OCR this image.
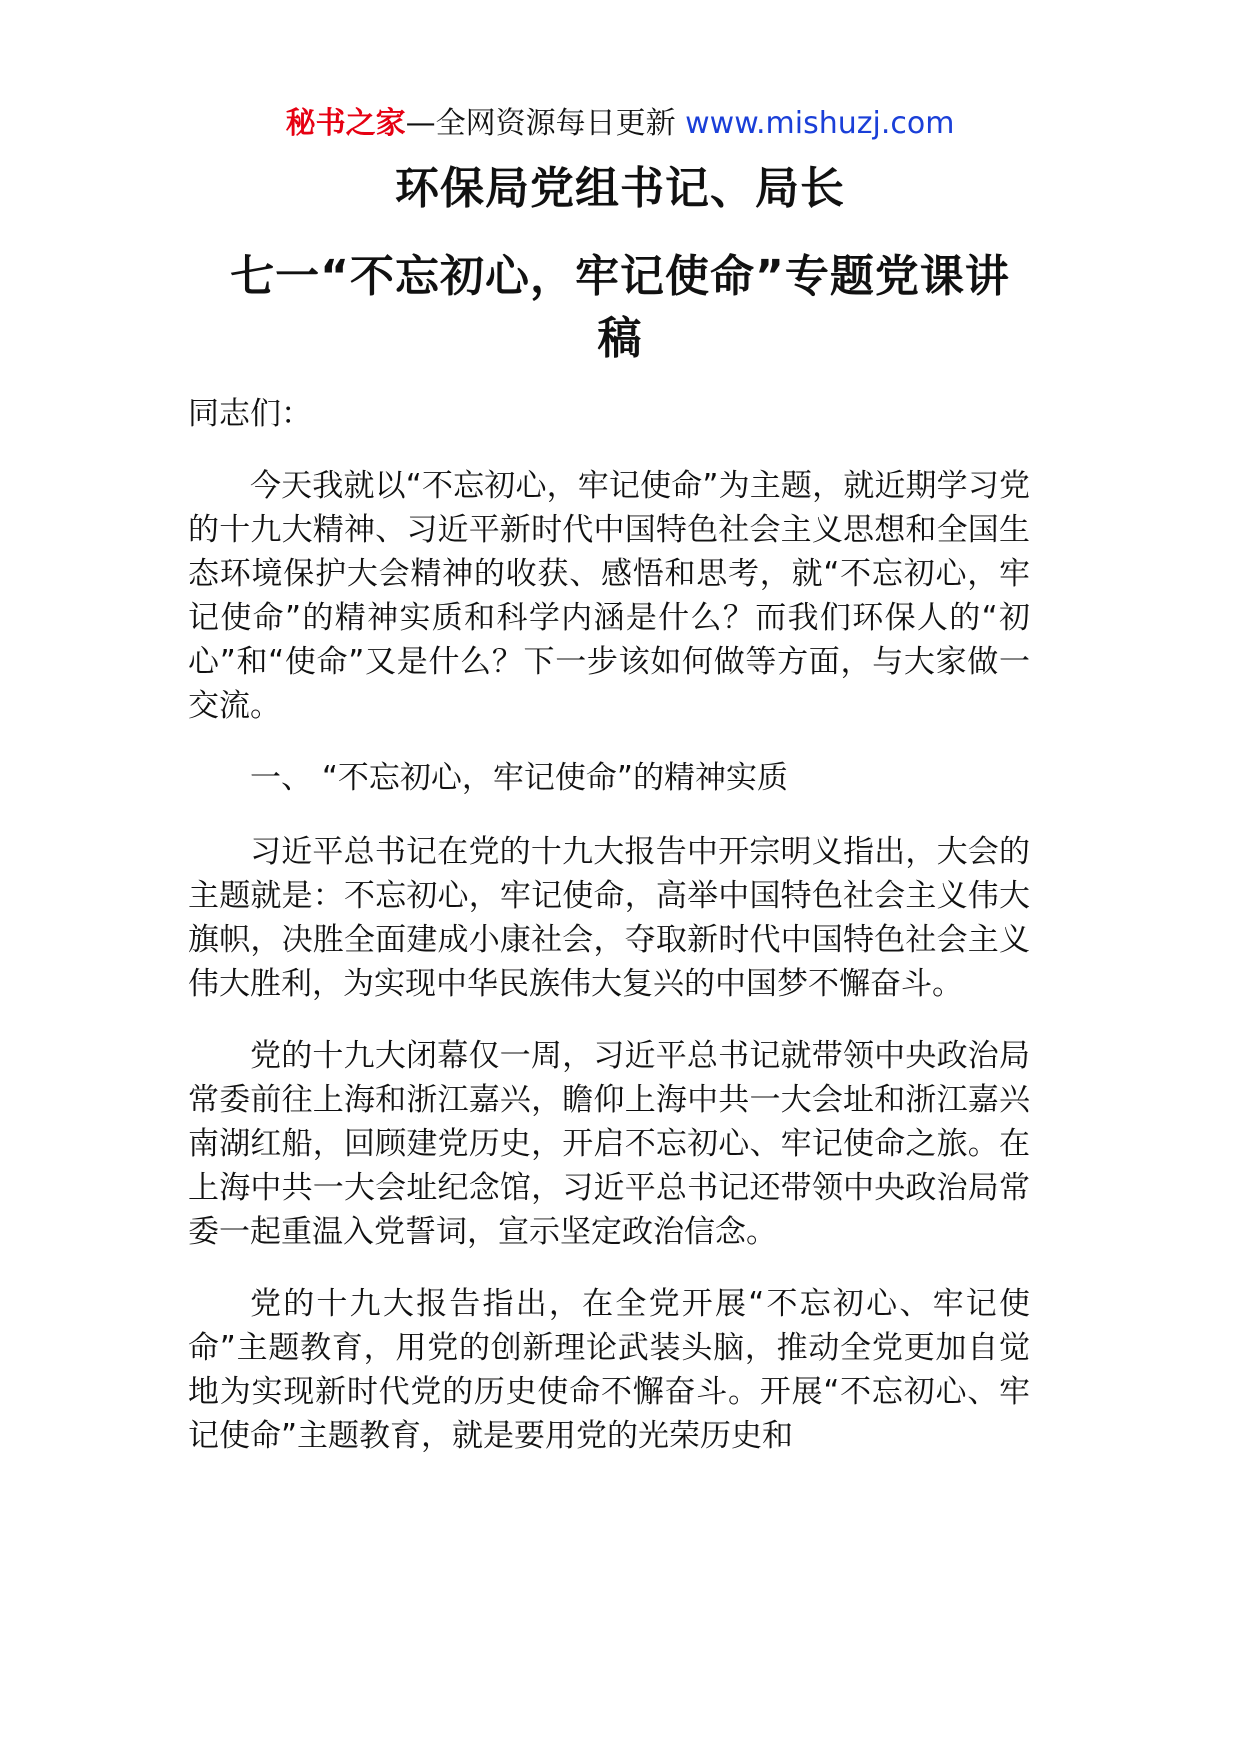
秘书之家—全网资源每日更新 www.mishuzj.com
环保局党组书记、局长
七一“不忘初心，牢记使命”专题党课讲
稿

同志们：

今天我就以“不忘初心，牢记使命”为主题，就近期学习党的十九大精神、习近平新时代中国特色社会主义思想和全国生态环境保护大会精神的收获、感悟和思考，就“不忘初心，牢记使命”的精神实质和科学内涵是什么？而我们环保人的“初心”和“使命”又是什么？下一步该如何做等方面，与大家做一交流。

一、 “不忘初心，牢记使命”的精神实质

习近平总书记在党的十九大报告中开宗明义指出，大会的主题就是：不忘初心，牢记使命，高举中国特色社会主义伟大旗帜，决胜全面建成小康社会，夺取新时代中国特色社会主义伟大胜利，为实现中华民族伟大复兴的中国梦不懈奋斗。

党的十九大闭幕仅一周，习近平总书记就带领中央政治局常委前往上海和浙江嘉兴，瞻仰上海中共一大会址和浙江嘉兴南湖红船，回顾建党历史，开启不忘初心、牢记使命之旅。在上海中共一大会址纪念馆，习近平总书记还带领中央政治局常委一起重温入党誓词，宣示坚定政治信念。

党的十九大报告指出，在全党开展“不忘初心、牢记使命”主题教育，用党的创新理论武装头脑，推动全党更加自觉地为实现新时代党的历史使命不懈奋斗。开展“不忘初心、牢记使命”主题教育，就是要用党的光荣历史和
